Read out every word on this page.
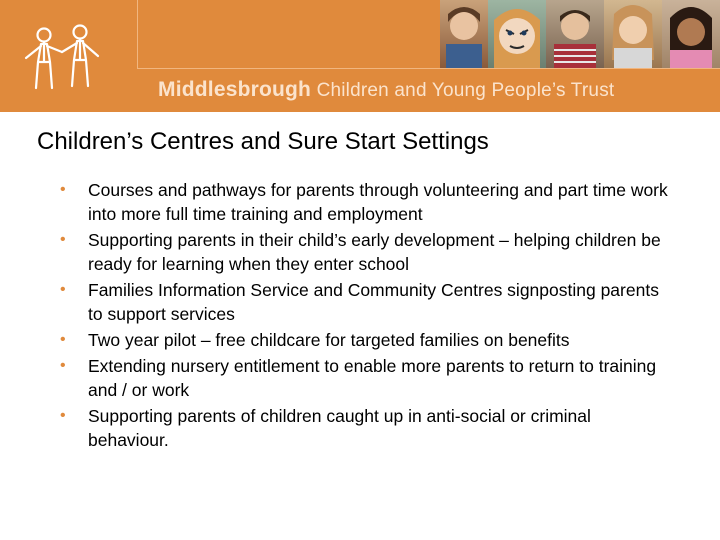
Middlesbrough Children and Young People’s Trust
Children’s Centres and Sure Start Settings
• Courses and pathways for parents through volunteering and part time work into more full time training and employment
• Supporting parents in their child’s early development – helping children be ready for learning when they enter school
• Families Information Service and Community Centres signposting parents to support services
• Two year pilot – free childcare for targeted families on benefits
• Extending nursery entitlement to enable more parents to return to training and / or work
• Supporting parents of children caught up in anti-social or criminal behaviour.
